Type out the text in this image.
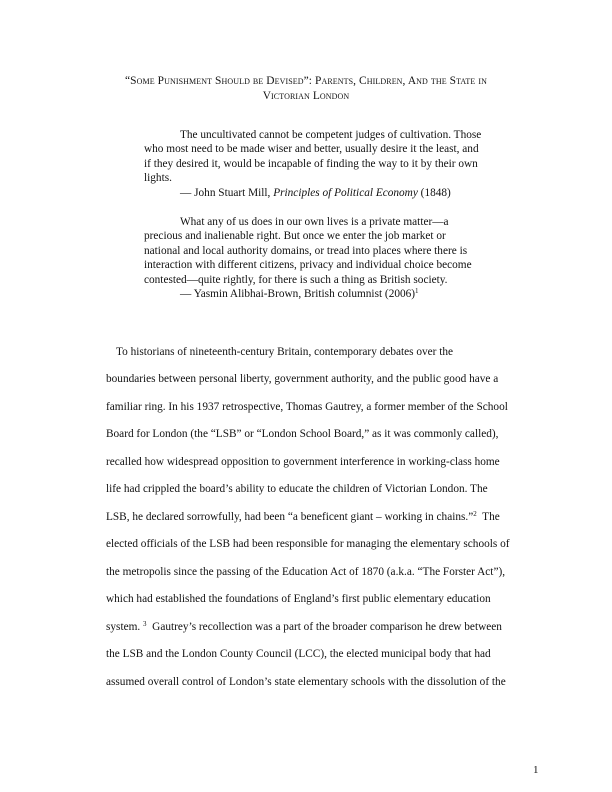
“Some Punishment Should be Devised”: Parents, Children, And the State in
Victorian London

The uncultivated cannot be competent judges of cultivation. Those

who most need to be made wiser and better, usually desire it the least, and
if they desired it, would be incapable of finding the way to it by their own
lights.
— John Stuart Mill, Principles of Political Economy (1848)

What any of us does in our own lives is a private matter—a

precious and inalienable right. But once we enter the job market or
national and local authority domains, or tread into places where there is
interaction with different citizens, privacy and individual choice become
contested—quite rightly, for there is such a thing as British society.
— Yasmin Alibhai-Brown, British columnist $(2006)^1$
To historians of nineteenth-century Britain, contemporary debates over the
boundaries between personal liberty, government authority, and the public good have a
familiar ring. In his 1937 retrospective, Thomas Gautrey, a former member of the School
Board for London (the “LSB” or “London School Board,” as it was commonly called),
recalled how widespread opposition to government interference in working-class home
life had crippled the board’s ability to educate the children of Victorian London. The
LSB, he declared sorrowfully, had been “a beneficent giant – working in chains.”$^2$  The
elected officials of the LSB had been responsible for managing the elementary schools of
the metropolis since the passing of the Education Act of 1870 (a.k.a. “The Forster Act”),
which had established the foundations of England’s first public elementary education
system. $^3$  Gautrey’s recollection was a part of the broader comparison he drew between
the LSB and the London County Council (LCC), the elected municipal body that had
assumed overall control of London’s state elementary schools with the dissolution of the
1
